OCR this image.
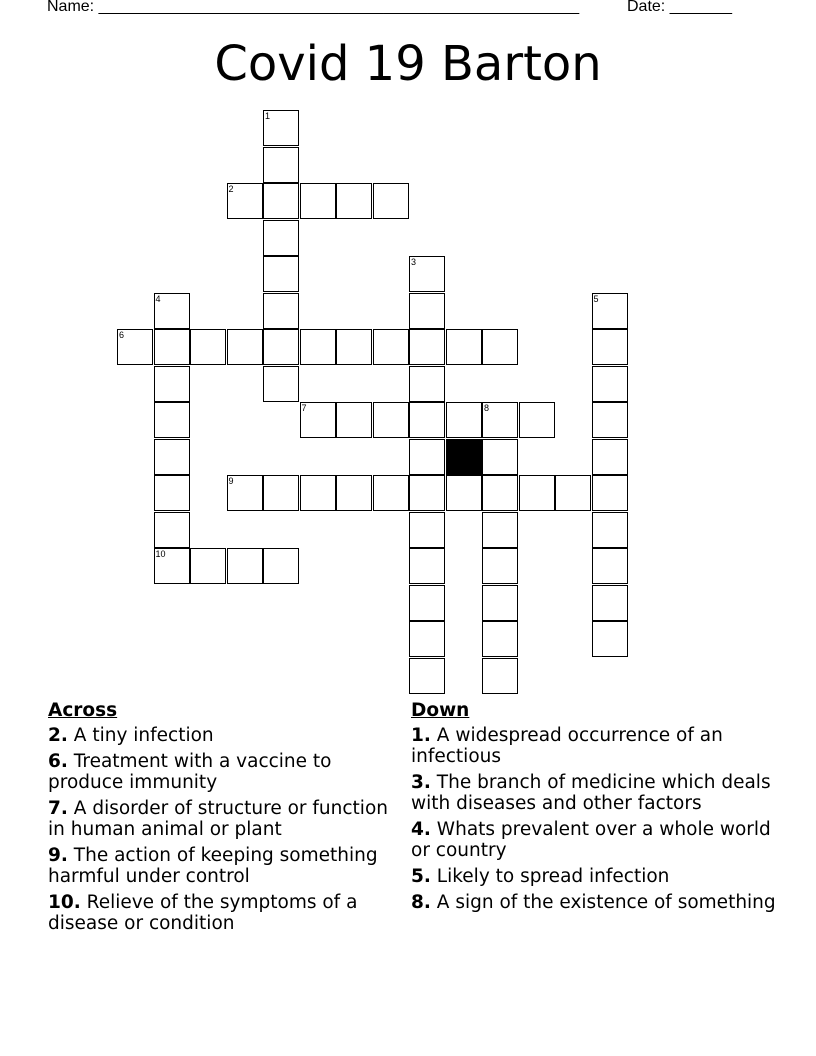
Name: ______________________________________________________	Date: _______
Covid 19 Barton
1
2
3
4
10
5
6
7	8
9
Across
2. A tiny infection
6. Treatment with a vaccine to produce immunity
7. A disorder of structure or function in human animal or plant
9. The action of keeping something harmful under control
10. Relieve of the symptoms of a disease or condition
Down
1. A widespread occurrence of an infectious
3. The branch of medicine which deals with diseases and other factors
4. Whats prevalent over a whole world or country
5. Likely to spread infection
8. A sign of the existence of something
